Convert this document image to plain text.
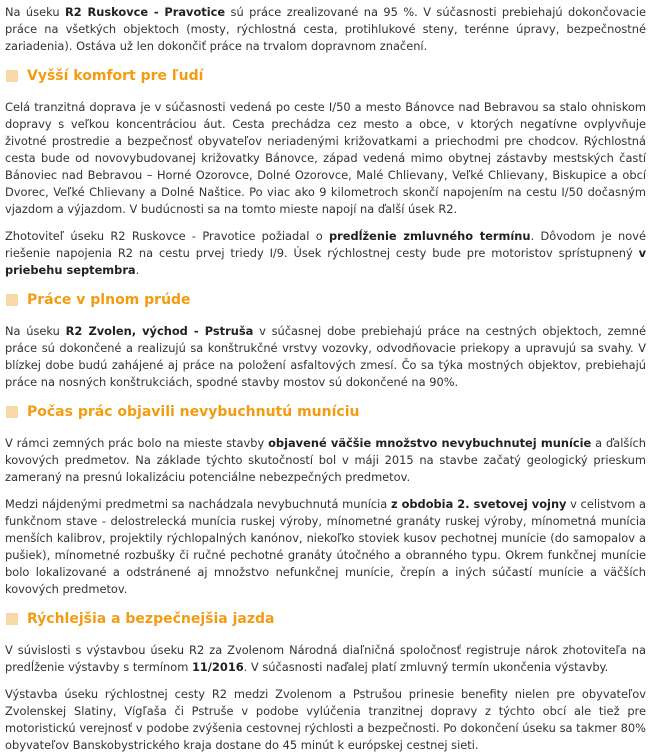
Na úseku R2 Ruskovce - Pravotice sú práce zrealizované na 95 %. V súčasnosti prebiehajú dokončovacie práce na všetkých objektoch (mosty, rýchlostná cesta, protihlukové steny, terénne úpravy, bezpečnostné zariadenia). Ostáva už len dokončiť práce na trvalom dopravnom značení.

Vyšší komfort pre ľudí

Celá tranzitná doprava je v súčasnosti vedená po ceste I/50 a mesto Bánovce nad Bebravou sa stalo ohniskom dopravy s veľkou koncentráciou áut. Cesta prechádza cez mesto a obce, v ktorých negatívne ovplyvňuje životné prostredie a bezpečnosť obyvateľov neriadenými križovatkami a priechodmi pre chodcov. Rýchlostná cesta bude od novovybudovanej križovatky Bánovce, západ vedená mimo obytnej zástavby mestských častí Bánoviec nad Bebravou – Horné Ozorovce, Dolné Ozorovce, Malé Chlievany, Veľké Chlievany, Biskupice a obcí Dvorec, Veľké Chlievany a Dolné Naštice. Po viac ako 9 kilometroch skončí napojením na cestu I/50 dočasným vjazdom a výjazdom. V budúcnosti sa na tomto mieste napojí na ďalší úsek R2.

Zhotoviteľ úseku R2 Ruskovce - Pravotice požiadal o predĺženie zmluvného termínu. Dôvodom je nové riešenie napojenia R2 na cestu prvej triedy I/9. Úsek rýchlostnej cesty bude pre motoristov sprístupnený v priebehu septembra.

Práce v plnom prúde

Na úseku R2 Zvolen, východ - Pstruša v súčasnej dobe prebiehajú práce na cestných objektoch, zemné práce sú dokončené a realizujú sa konštrukčné vrstvy vozovky, odvodňovacie priekopy a upravujú sa svahy. V blízkej dobe budú zahájené aj práce na položení asfaltových zmesí. Čo sa týka mostných objektov, prebiehajú práce na nosných konštrukciách, spodné stavby mostov sú dokončené na 90%.

Počas prác objavili nevybuchnutú muníciu

V rámci zemných prác bolo na mieste stavby objavené väčšie množstvo nevybuchnutej munície a ďalších kovových predmetov. Na základe týchto skutočností bol v máji 2015 na stavbe začatý geologický prieskum zameraný na presnú lokalizáciu potenciálne nebezpečných predmetov.

Medzi nájdenými predmetmi sa nachádzala nevybuchnutá munícia z obdobia 2. svetovej vojny v celistvom a funkčnom stave - delostrelecká munícia ruskej výroby, mínometné granáty ruskej výroby, mínometná munícia menších kalibrov, projektily rýchlopalných kanónov, niekoľko stoviek kusov pechotnej munície (do samopalov a pušiek), mínometné rozbušky či ručné pechotné granáty útočného a obranného typu. Okrem funkčnej munície bolo lokalizované a odstránené aj množstvo nefunkčnej munície, črepín a iných súčastí munície a väčších kovových predmetov.

Rýchlejšia a bezpečnejšia jazda

V súvislosti s výstavbou úseku R2 za Zvolenom Národná diaľničná spoločnosť registruje nárok zhotoviteľa na predĺženie výstavby s termínom 11/2016. V súčasnosti naďalej platí zmluvný termín ukončenia výstavby.

Výstavba úseku rýchlostnej cesty R2 medzi Zvolenom a Pstrušou prinesie benefity nielen pre obyvateľov Zvolenskej Slatiny, Vígľaša či Pstruše v podobe vylúčenia tranzitnej dopravy z týchto obcí ale tiež pre motoristickú verejnosť v podobe zvýšenia cestovnej rýchlosti a bezpečnosti. Po dokončení úseku sa takmer 80% obyvateľov Banskobystrického kraja dostane do 45 minút k európskej cestnej sieti.
